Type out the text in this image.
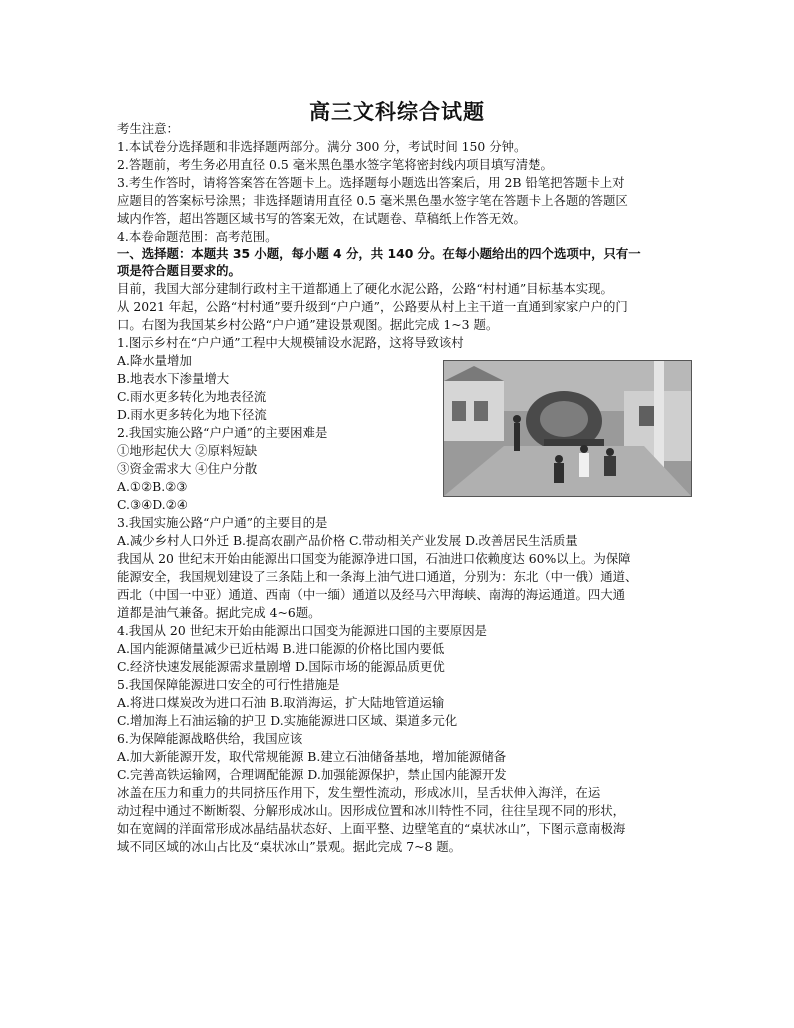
高三文科综合试题
考生注意：
1.本试卷分选择题和非选择题两部分。满分 300 分，考试时间 150 分钟。
2.答题前，考生务必用直径 0.5 毫米黑色墨水签字笔将密封线内项目填写清楚。
3.考生作答时，请将答案答在答题卡上。选择题每小题选出答案后，用 2B 铅笔把答题卡上对
应题目的答案标号涂黑；非选择题请用直径 0.5 毫米黑色墨水签字笔在答题卡上各题的答题区
域内作答，超出答题区域书写的答案无效，在试题卷、草稿纸上作答无效。
4.本卷命题范围：高考范围。
一、选择题：本题共 35 小题，每小题 4 分，共 140 分。在每小题给出的四个选项中，只有一
项是符合题目要求的。
目前，我国大部分建制行政村主干道都通上了硬化水泥公路，公路“村村通”目标基本实现。
从 2021 年起，公路“村村通”要升级到“户户通”，公路要从村上主干道一直通到家家户户的门
口。右图为我国某乡村公路“户户通”建设景观图。据此完成 1~3 题。
1.图示乡村在“户户通”工程中大规模铺设水泥路，这将导致该村
A.降水量增加
B.地表水下渗量增大
C.雨水更多转化为地表径流
D.雨水更多转化为地下径流
2.我国实施公路“户户通”的主要困难是
①地形起伏大 ②原料短缺
③资金需求大 ④住户分散
A.①②B.②③
C.③④D.②④
3.我国实施公路“户户通”的主要目的是
A.减少乡村人口外迁 B.提高农副产品价格 C.带动相关产业发展 D.改善居民生活质量
我国从 20 世纪末开始由能源出口国变为能源净进口国，石油进口依赖度达 60%以上。为保障
能源安全，我国规划建设了三条陆上和一条海上油气进口通道，分别为：东北（中一俄）通道、
西北（中国一中亚）通道、西南（中一缅）通道以及经马六甲海峡、南海的海运通道。四大通
道都是油气兼备。据此完成 4~6题。
4.我国从 20 世纪末开始由能源出口国变为能源进口国的主要原因是
A.国内能源储量减少已近枯竭 B.进口能源的价格比国内要低
C.经济快速发展能源需求量剧增 D.国际市场的能源品质更优
5.我国保障能源进口安全的可行性措施是
A.将进口煤炭改为进口石油 B.取消海运，扩大陆地管道运输
C.增加海上石油运输的护卫 D.实施能源进口区域、渠道多元化
6.为保障能源战略供给，我国应该
A.加大新能源开发，取代常规能源 B.建立石油储备基地，增加能源储备
C.完善高铁运输网，合理调配能源 D.加强能源保护，禁止国内能源开发
冰盖在压力和重力的共同挤压作用下，发生塑性流动，形成冰川，呈舌状伸入海洋，在运
动过程中通过不断断裂、分解形成冰山。因形成位置和冰川特性不同，往往呈现不同的形状，
如在宽阔的洋面常形成冰晶结晶状态好、上面平整、边壁笔直的“桌状冰山”，下图示意南极海
域不同区域的冰山占比及“桌状冰山”景观。据此完成 7~8 题。
